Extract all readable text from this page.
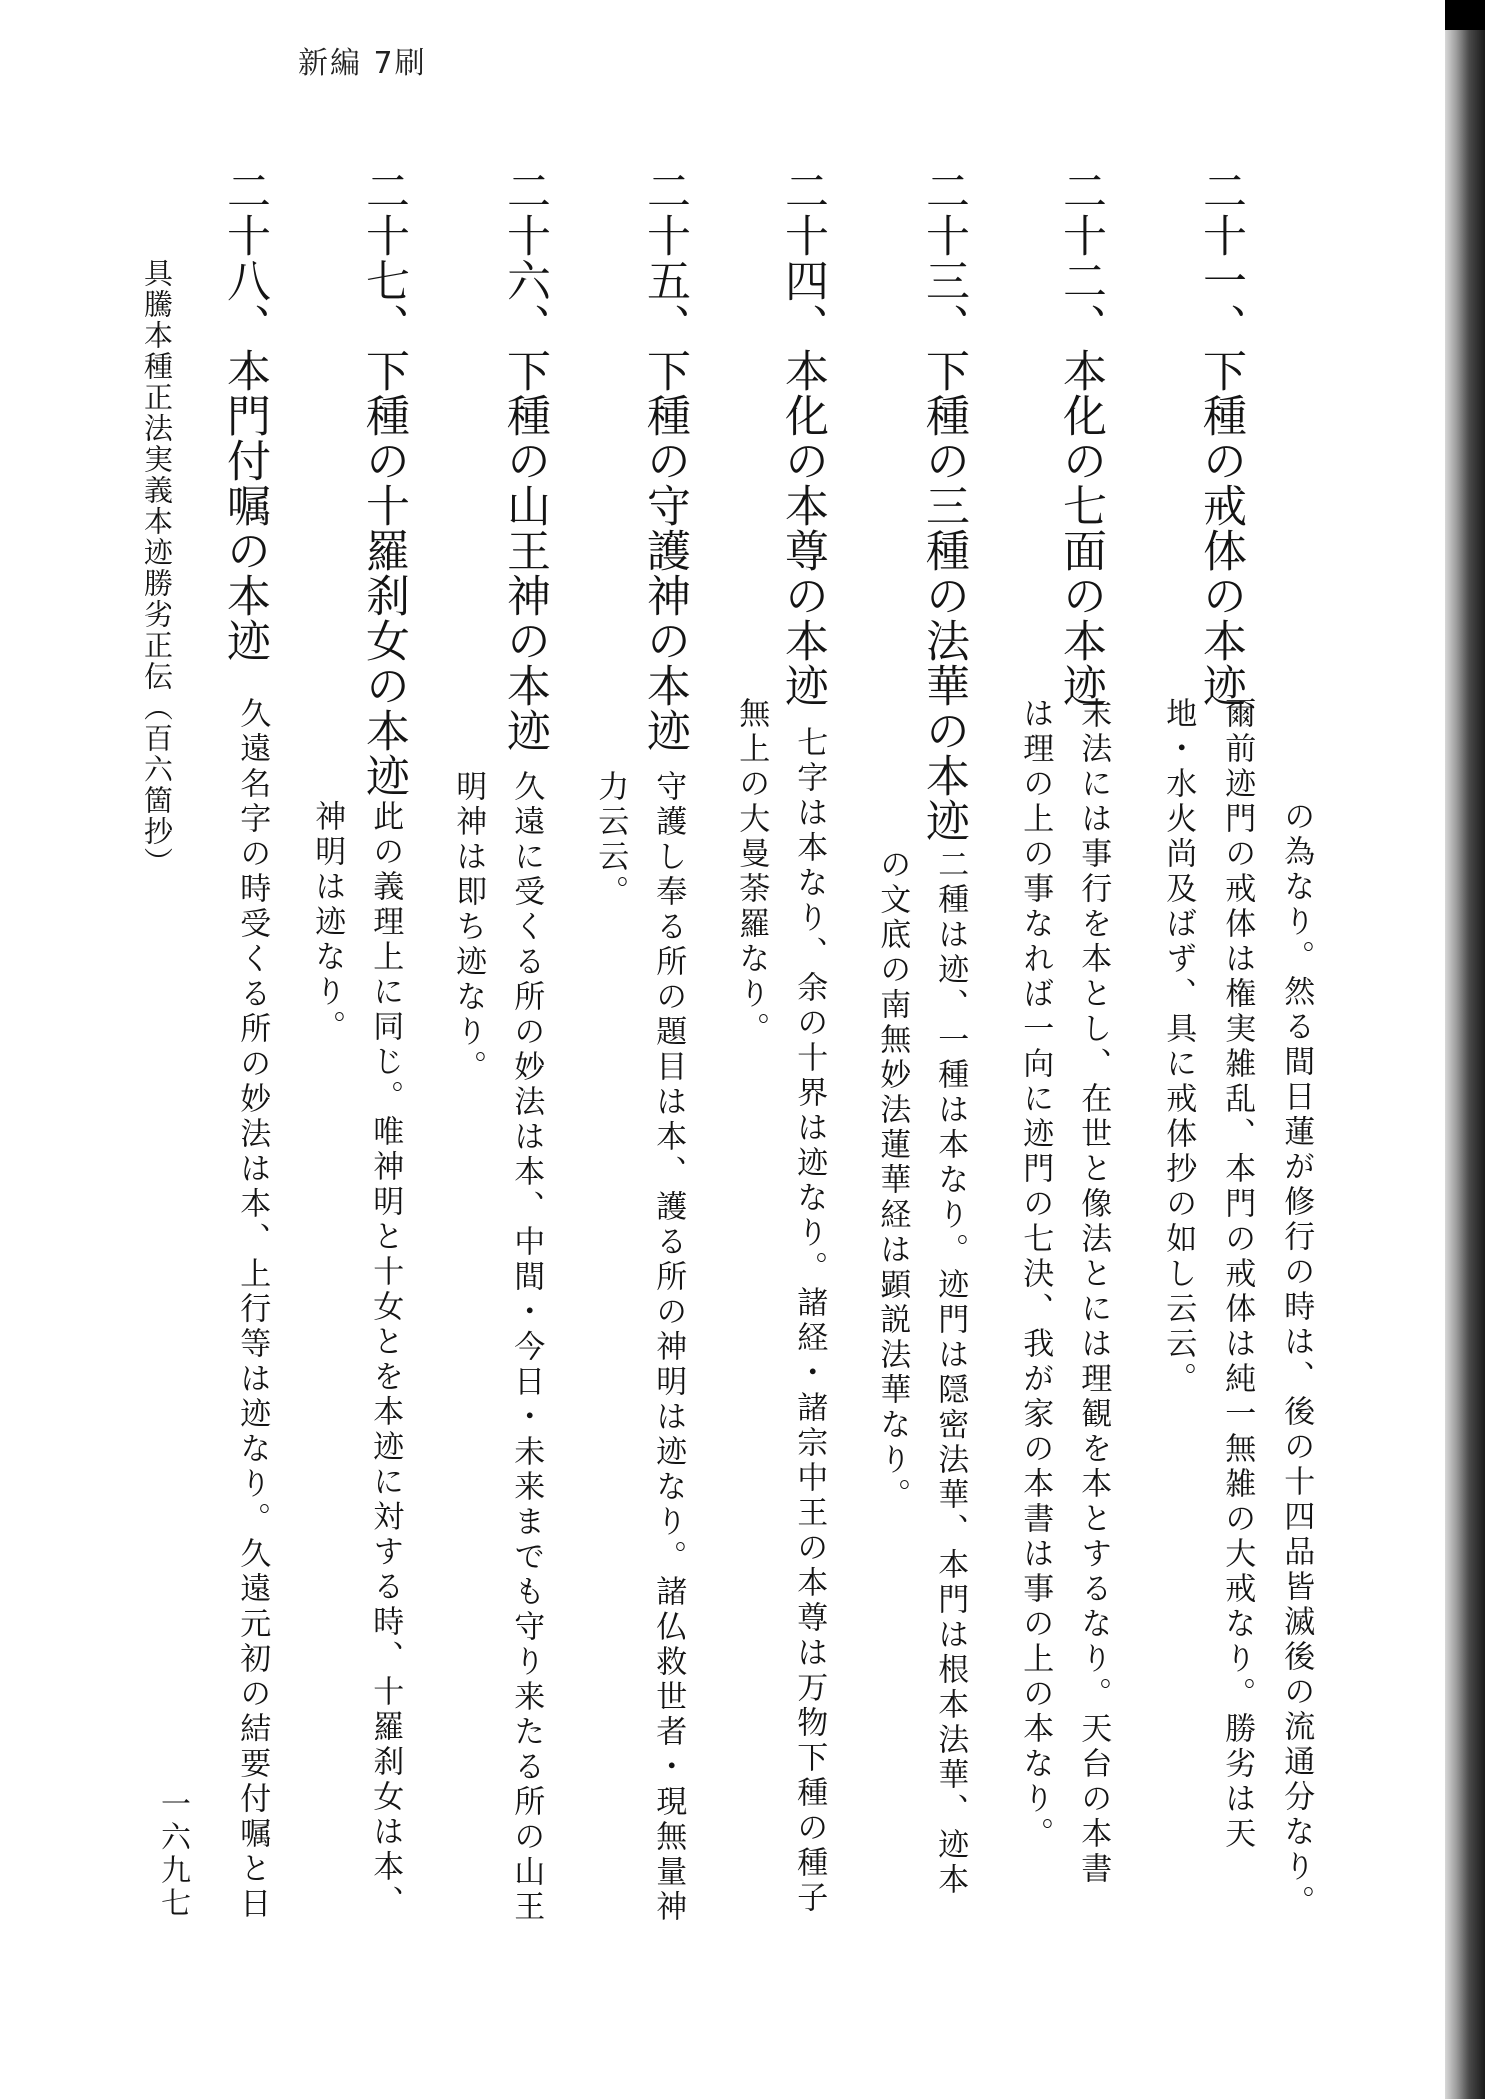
新編 7刷
二十一、下種の戒体の本迹
の為なり。然る間日蓮が修行の時は、後の十四品皆滅後の流通分なり。
爾前迹門の戒体は権実雑乱、本門の戒体は純一無雑の大戒なり。勝劣は天
地・水火尚及ばず、具に戒体抄の如し云云。
二十二、本化の七面の本迹
末法には事行を本とし、在世と像法とには理観を本とするなり。天台の本書
は理の上の事なれば一向に迹門の七決、我が家の本書は事の上の本なり。
二十三、下種の三種の法華の本迹
二種は迹、一種は本なり。迹門は隠密法華、本門は根本法華、迹本
の文底の南無妙法蓮華経は顕説法華なり。
二十四、本化の本尊の本迹
七字は本なり、余の十界は迹なり。諸経・諸宗中王の本尊は万物下種の種子
無上の大曼荼羅なり。
二十五、下種の守護神の本迹
守護し奉る所の題目は本、護る所の神明は迹なり。諸仏救世者・現無量神
力云云。
二十六、下種の山王神の本迹
久遠に受くる所の妙法は本、中間・今日・未来までも守り来たる所の山王
明神は即ち迹なり。
二十七、下種の十羅刹女の本迹
此の義理上に同じ。唯神明と十女とを本迹に対する時、十羅刹女は本、
神明は迹なり。
二十八、本門付嘱の本迹
久遠名字の時受くる所の妙法は本、上行等は迹なり。久遠元初の結要付嘱と日
具騰本種正法実義本迹勝劣正伝（百六箇抄）
一六九七
